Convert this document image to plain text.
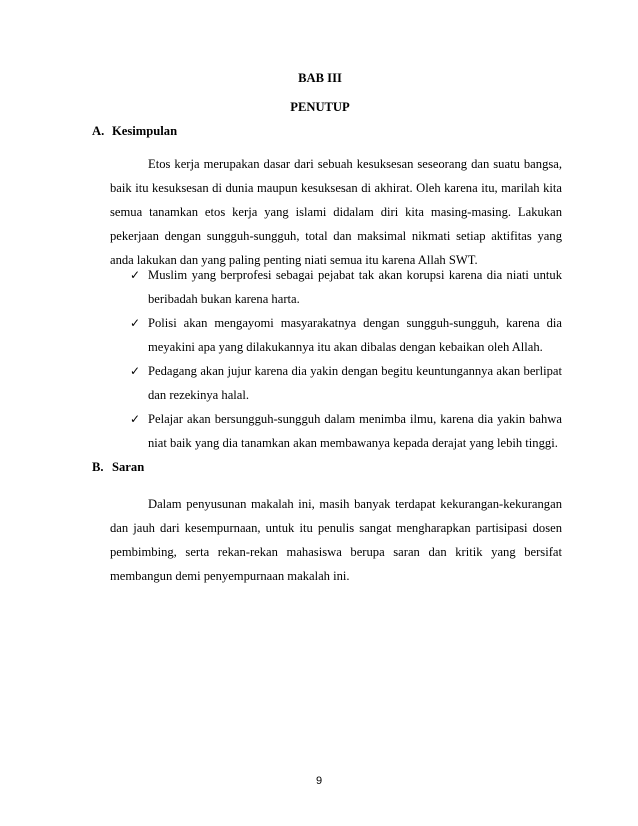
BAB III
PENUTUP
A. Kesimpulan

Etos kerja merupakan dasar dari sebuah kesuksesan seseorang dan suatu bangsa, baik itu kesuksesan di dunia maupun kesuksesan di akhirat. Oleh karena itu, marilah kita semua tanamkan etos kerja yang islami didalam diri kita masing-masing. Lakukan pekerjaan dengan sungguh-sungguh, total dan maksimal nikmati setiap aktifitas yang anda lakukan dan yang paling penting niati semua itu karena Allah SWT.

✓ Muslim yang berprofesi sebagai pejabat tak akan korupsi karena dia niati untuk beribadah bukan karena harta.
✓ Polisi akan mengayomi masyarakatnya dengan sungguh-sungguh, karena dia meyakini apa yang dilakukannya itu akan dibalas dengan kebaikan oleh Allah.
✓ Pedagang akan jujur karena dia yakin dengan begitu keuntungannya akan berlipat dan rezekinya halal.
✓ Pelajar akan bersungguh-sungguh dalam menimba ilmu, karena dia yakin bahwa niat baik yang dia tanamkan akan membawanya kepada derajat yang lebih tinggi.
B. Saran

Dalam penyusunan makalah ini, masih banyak terdapat kekurangan-kekurangan dan jauh dari kesempurnaan, untuk itu penulis sangat mengharapkan partisipasi dosen pembimbing, serta rekan-rekan mahasiswa berupa saran dan kritik yang bersifat membangun demi penyempurnaan makalah ini.

9
